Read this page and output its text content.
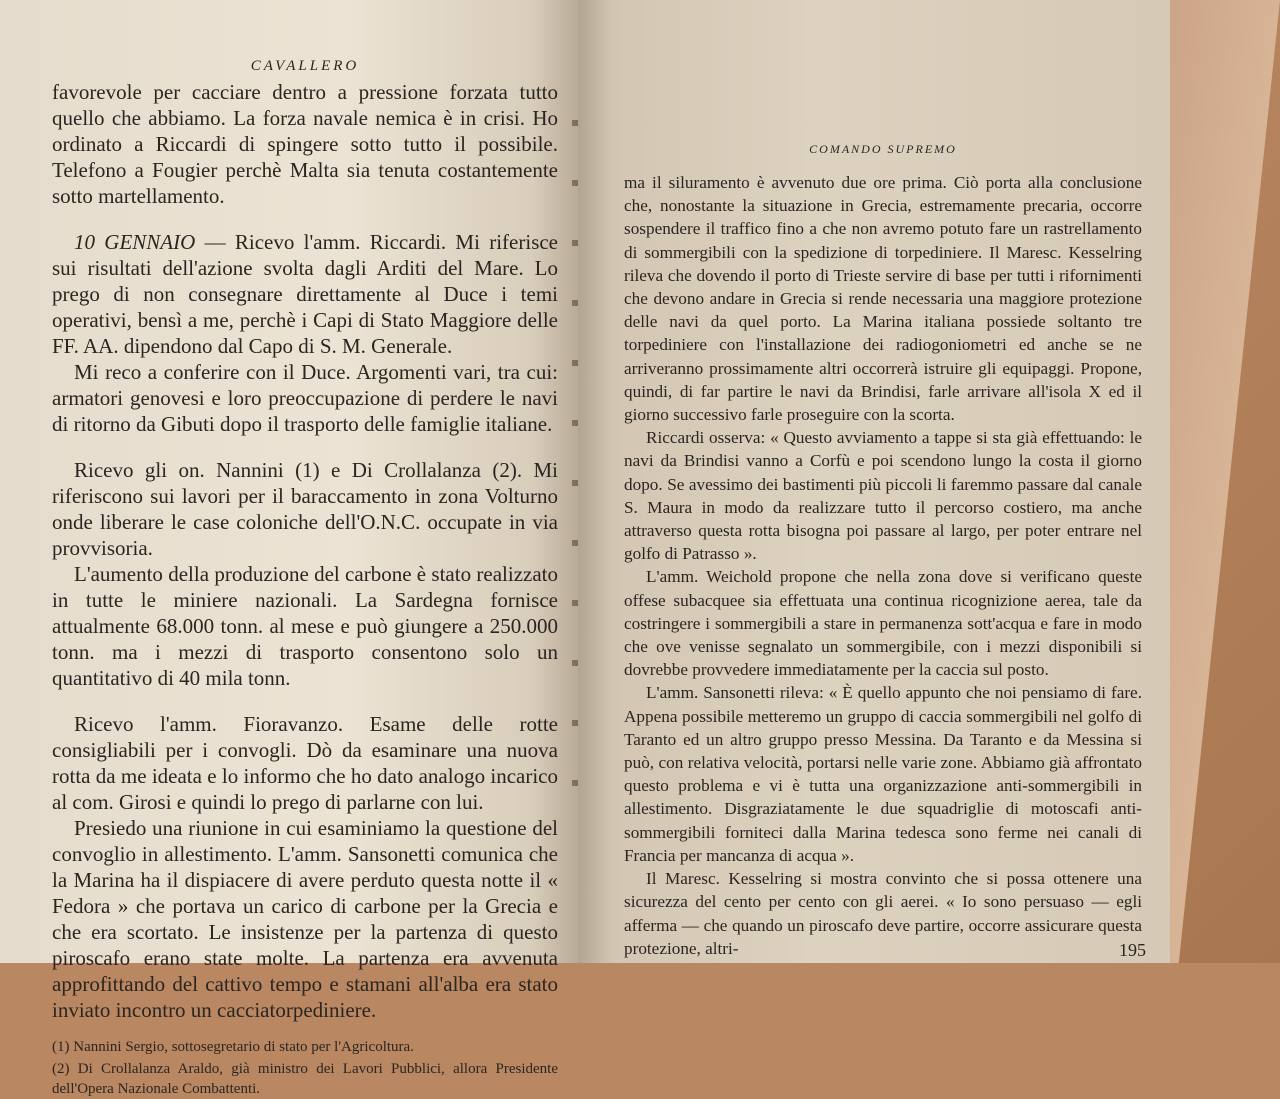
CAVALLERO

favorevole per cacciare dentro a pressione forzata tutto quello che abbiamo. La forza navale nemica è in crisi. Ho ordinato a Riccardi di spingere sotto tutto il possibile. Telefono a Fougier perchè Malta sia tenuta costantemente sotto martellamento.

10 GENNAIO — Ricevo l'amm. Riccardi. Mi riferisce sui risultati dell'azione svolta dagli Arditi del Mare. Lo prego di non consegnare direttamente al Duce i temi operativi, bensì a me, perchè i Capi di Stato Maggiore delle FF. AA. dipendono dal Capo di S. M. Generale.

Mi reco a conferire con il Duce. Argomenti vari, tra cui: armatori genovesi e loro preoccupazione di perdere le navi di ritorno da Gibuti dopo il trasporto delle famiglie italiane.

Ricevo gli on. Nannini (1) e Di Crollalanza (2). Mi riferiscono sui lavori per il baraccamento in zona Volturno onde liberare le case coloniche dell'O.N.C. occupate in via provvisoria.

L'aumento della produzione del carbone è stato realizzato in tutte le miniere nazionali. La Sardegna fornisce attualmente 68.000 tonn. al mese e può giungere a 250.000 tonn. ma i mezzi di trasporto consentono solo un quantitativo di 40 mila tonn.

Ricevo l'amm. Fioravanzo. Esame delle rotte consigliabili per i convogli. Dò da esaminare una nuova rotta da me ideata e lo informo che ho dato analogo incarico al com. Girosi e quindi lo prego di parlarne con lui.

Presiedo una riunione in cui esaminiamo la questione del convoglio in allestimento. L'amm. Sansonetti comunica che la Marina ha il dispiacere di avere perduto questa notte il « Fedora » che portava un carico di carbone per la Grecia e che era scortato. Le insistenze per la partenza di questo piroscafo erano state molte. La partenza era avvenuta approfittando del cattivo tempo e stamani all'alba era stato inviato incontro un cacciatorpediniere.

(1) Nannini Sergio, sottosegretario di stato per l'Agricoltura.

(2) Di Crollalanza Araldo, già ministro dei Lavori Pubblici, allora Presidente dell'Opera Nazionale Combattenti.

COMANDO SUPREMO

ma il siluramento è avvenuto due ore prima. Ciò porta alla conclusione che, nonostante la situazione in Grecia, estremamente precaria, occorre sospendere il traffico fino a che non avremo potuto fare un rastrellamento di sommergibili con la spedizione di torpediniere. Il Maresc. Kesselring rileva che dovendo il porto di Trieste servire di base per tutti i rifornimenti che devono andare in Grecia si rende necessaria una maggiore protezione delle navi da quel porto. La Marina italiana possiede soltanto tre torpediniere con l'installazione dei radiogoniometri ed anche se ne arriveranno prossimamente altri occorrerà istruire gli equipaggi. Propone, quindi, di far partire le navi da Brindisi, farle arrivare all'isola X ed il giorno successivo farle proseguire con la scorta.

Riccardi osserva: « Questo avviamento a tappe si sta già effettuando: le navi da Brindisi vanno a Corfù e poi scendono lungo la costa il giorno dopo. Se avessimo dei bastimenti più piccoli li faremmo passare dal canale S. Maura in modo da realizzare tutto il percorso costiero, ma anche attraverso questa rotta bisogna poi passare al largo, per poter entrare nel golfo di Patrasso ».

L'amm. Weichold propone che nella zona dove si verificano queste offese subacquee sia effettuata una continua ricognizione aerea, tale da costringere i sommergibili a stare in permanenza sott'acqua e fare in modo che ove venisse segnalato un sommergibile, con i mezzi disponibili si dovrebbe provvedere immediatamente per la caccia sul posto.

L'amm. Sansonetti rileva: « È quello appunto che noi pensiamo di fare. Appena possibile metteremo un gruppo di caccia sommergibili nel golfo di Taranto ed un altro gruppo presso Messina. Da Taranto e da Messina si può, con relativa velocità, portarsi nelle varie zone. Abbiamo già affrontato questo problema e vi è tutta una organizzazione anti-sommergibili in allestimento. Disgraziatamente le due squadriglie di motoscafi anti-sommergibili forniteci dalla Marina tedesca sono ferme nei canali di Francia per mancanza di acqua ».

Il Maresc. Kesselring si mostra convinto che si possa ottenere una sicurezza del cento per cento con gli aerei. « Io sono persuaso — egli afferma — che quando un piroscafo deve partire, occorre assicurare questa protezione, altri-	195
